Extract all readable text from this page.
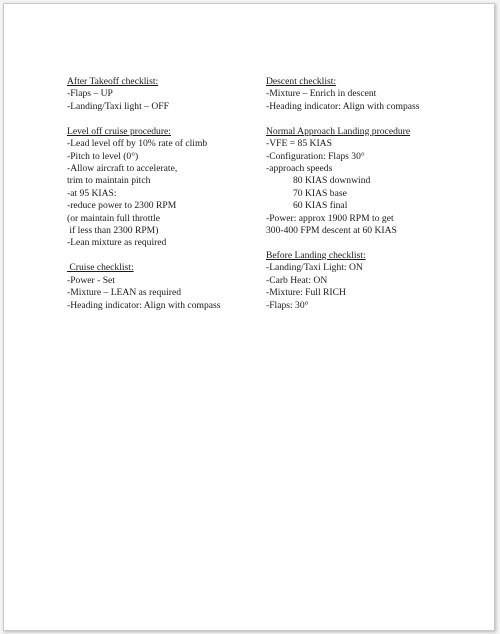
After Takeoff checklist:
-Flaps – UP
-Landing/Taxi light – OFF
Level off cruise procedure:
-Lead level off by 10% rate of climb
-Pitch to level (0°)
-Allow aircraft to accelerate,
trim to maintain pitch
-at 95 KIAS:
-reduce power to 2300 RPM
(or maintain full throttle
if less than 2300 RPM)
-Lean mixture as required
Cruise checklist:
-Power - Set
-Mixture – LEAN as required
-Heading indicator: Align with compass
Descent checklist:
-Mixture – Enrich in descent
-Heading indicator: Align with compass
Normal Approach Landing procedure
-VFE = 85 KIAS
-Configuration: Flaps 30°
-approach speeds
80 KIAS downwind
70 KIAS base
60 KIAS final
-Power: approx 1900 RPM to get
300-400 FPM descent at 60 KIAS
Before Landing checklist:
-Landing/Taxi Light: ON
-Carb Heat: ON
-Mixture: Full RICH
-Flaps: 30°
